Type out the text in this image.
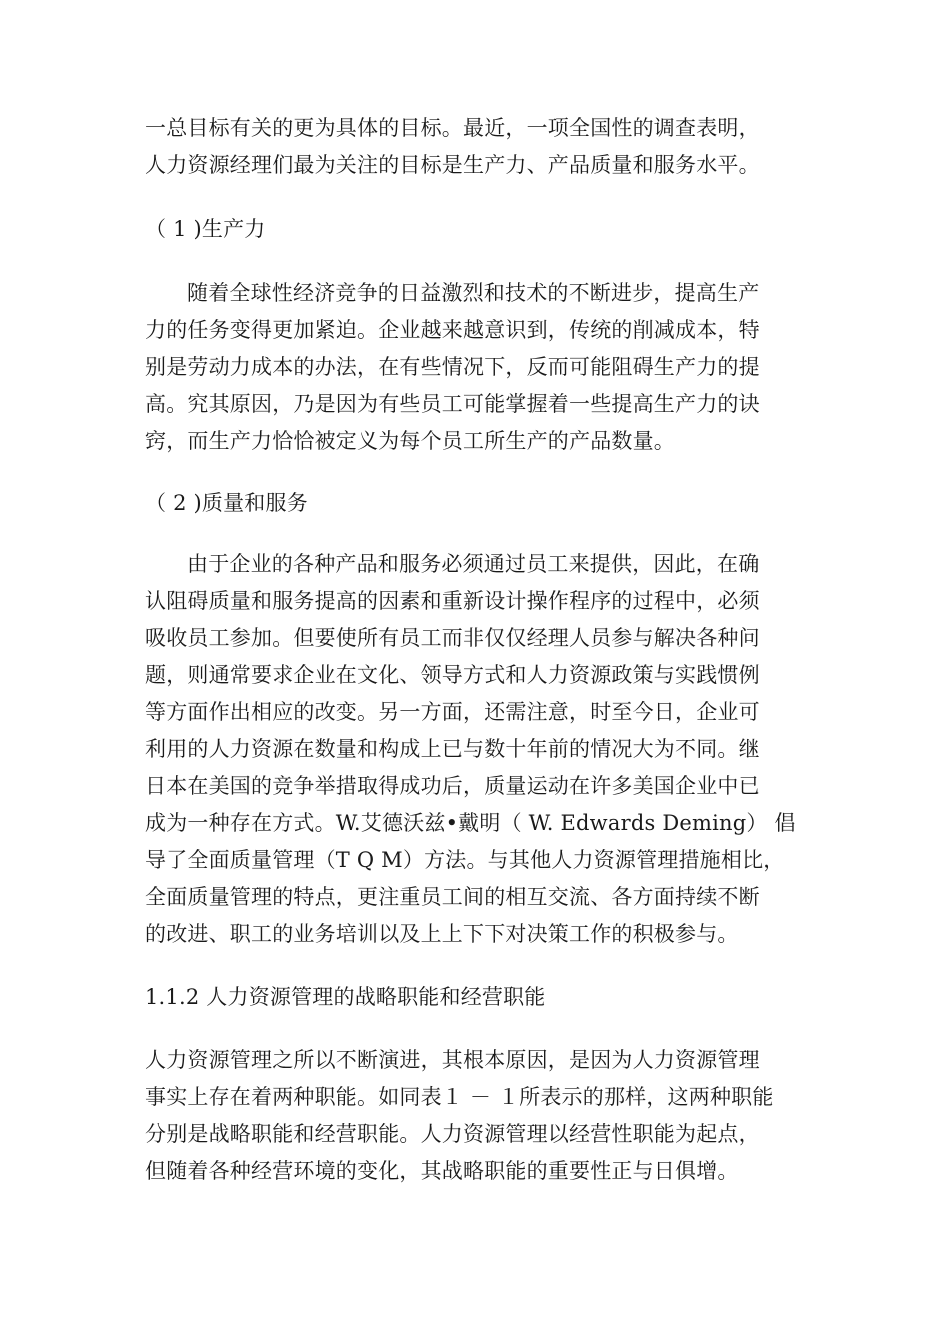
一总目标有关的更为具体的目标。最近，一项全国性的调查表明，
人力资源经理们最为关注的目标是生产力、产品质量和服务水平。
（ 1 )生产力
随着全球性经济竞争的日益激烈和技术的不断进步，提高生产
力的任务变得更加紧迫。企业越来越意识到，传统的削减成本，特
别是劳动力成本的办法，在有些情况下，反而可能阻碍生产力的提
高。究其原因，乃是因为有些员工可能掌握着一些提高生产力的诀
窍，而生产力恰恰被定义为每个员工所生产的产品数量。
（ 2 )质量和服务
由于企业的各种产品和服务必须通过员工来提供，因此，在确
认阻碍质量和服务提高的因素和重新设计操作程序的过程中，必须
吸收员工参加。但要使所有员工而非仅仅经理人员参与解决各种问
题，则通常要求企业在文化、领导方式和人力资源政策与实践惯例
等方面作出相应的改变。另一方面，还需注意，时至今日，企业可
利用的人力资源在数量和构成上已与数十年前的情况大为不同。继
日本在美国的竞争举措取得成功后，质量运动在许多美国企业中已
成为一种存在方式。W.艾德沃兹•戴明（ W. Edwards Deming） 倡
导了全面质量管理（T Q M）方法。与其他人力资源管理措施相比，
全面质量管理的特点，更注重员工间的相互交流、各方面持续不断
的改进、职工的业务培训以及上上下下对决策工作的积极参与。
1.1.2 人力资源管理的战略职能和经营职能
人力资源管理之所以不断演进，其根本原因，是因为人力资源管理
事实上存在着两种职能。如同表１ － １所表示的那样，这两种职能
分别是战略职能和经营职能。人力资源管理以经营性职能为起点，
但随着各种经营环境的变化，其战略职能的重要性正与日俱增。
